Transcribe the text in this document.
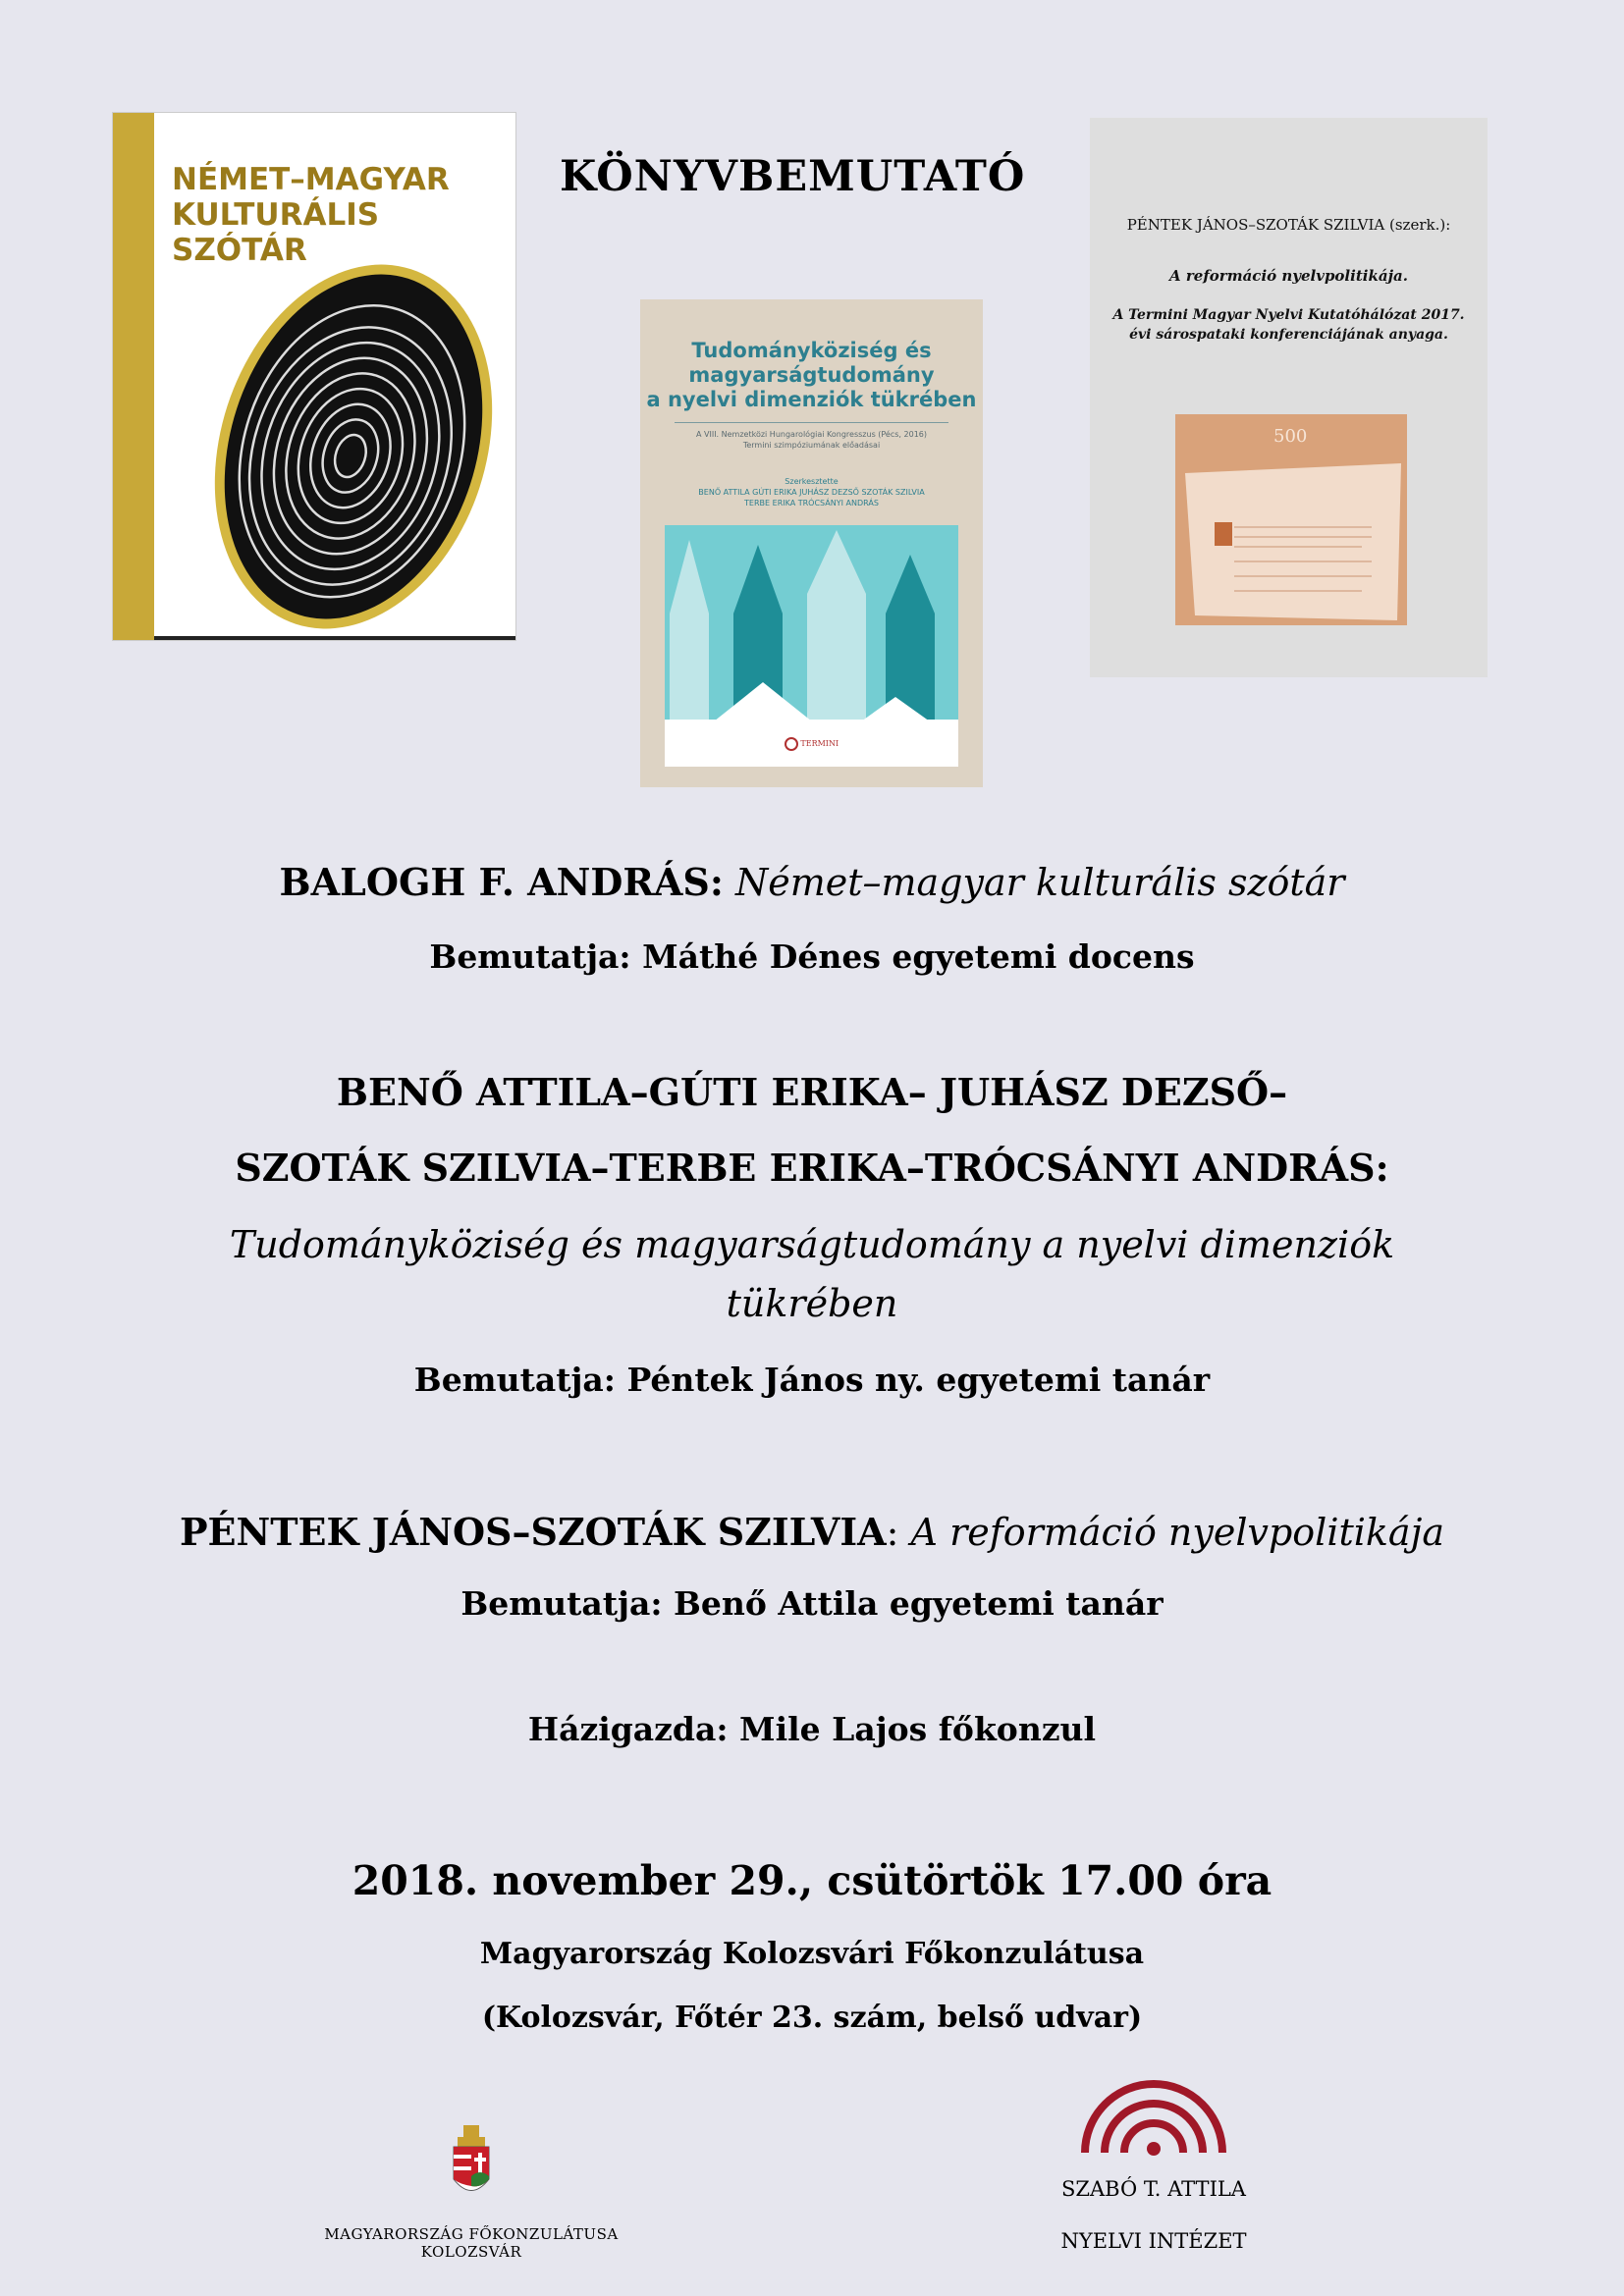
NÉMET–MAGYAR
KULTURÁLIS SZÓTÁR
KÖNYVBEMUTATÓ
Tudományköziség és
magyarságtudomány
a nyelvi dimenziók tükrében
A VIII. Nemzetközi Hungarológiai Kongresszus (Pécs, 2016)
Termini szimpóziumának előadásai
Szerkesztette
BENŐ ATTILA GÚTI ERIKA JUHÁSZ DEZSŐ SZOTÁK SZILVIA
TERBE ERIKA TRÓCSÁNYI ANDRÁS
TERMINI
PÉNTEK JÁNOS–SZOTÁK SZILVIA (szerk.):
A reformáció nyelvpolitikája.
A Termini Magyar Nyelvi Kutatóhálózat 2017.
évi sárospataki konferenciájának anyaga.
500
BALOGH F. ANDRÁS: Német–magyar kulturális szótár
Bemutatja: Máthé Dénes egyetemi docens
BENŐ ATTILA–GÚTI ERIKA– JUHÁSZ DEZSŐ–
SZOTÁK SZILVIA–TERBE ERIKA–TRÓCSÁNYI ANDRÁS:
Tudományköziség és magyarságtudomány a nyelvi dimenziók
tükrében
Bemutatja: Péntek János ny. egyetemi tanár
PÉNTEK JÁNOS–SZOTÁK SZILVIA: A reformáció nyelvpolitikája
Bemutatja: Benő Attila egyetemi tanár
Házigazda: Mile Lajos főkonzul
2018. november 29., csütörtök 17.00 óra
Magyarország Kolozsvári Főkonzulátusa
(Kolozsvár, Főtér 23. szám, belső udvar)
MAGYARORSZÁG FŐKONZULÁTUSA
KOLOZSVÁR
SZABÓ T. ATTILA
NYELVI INTÉZET
